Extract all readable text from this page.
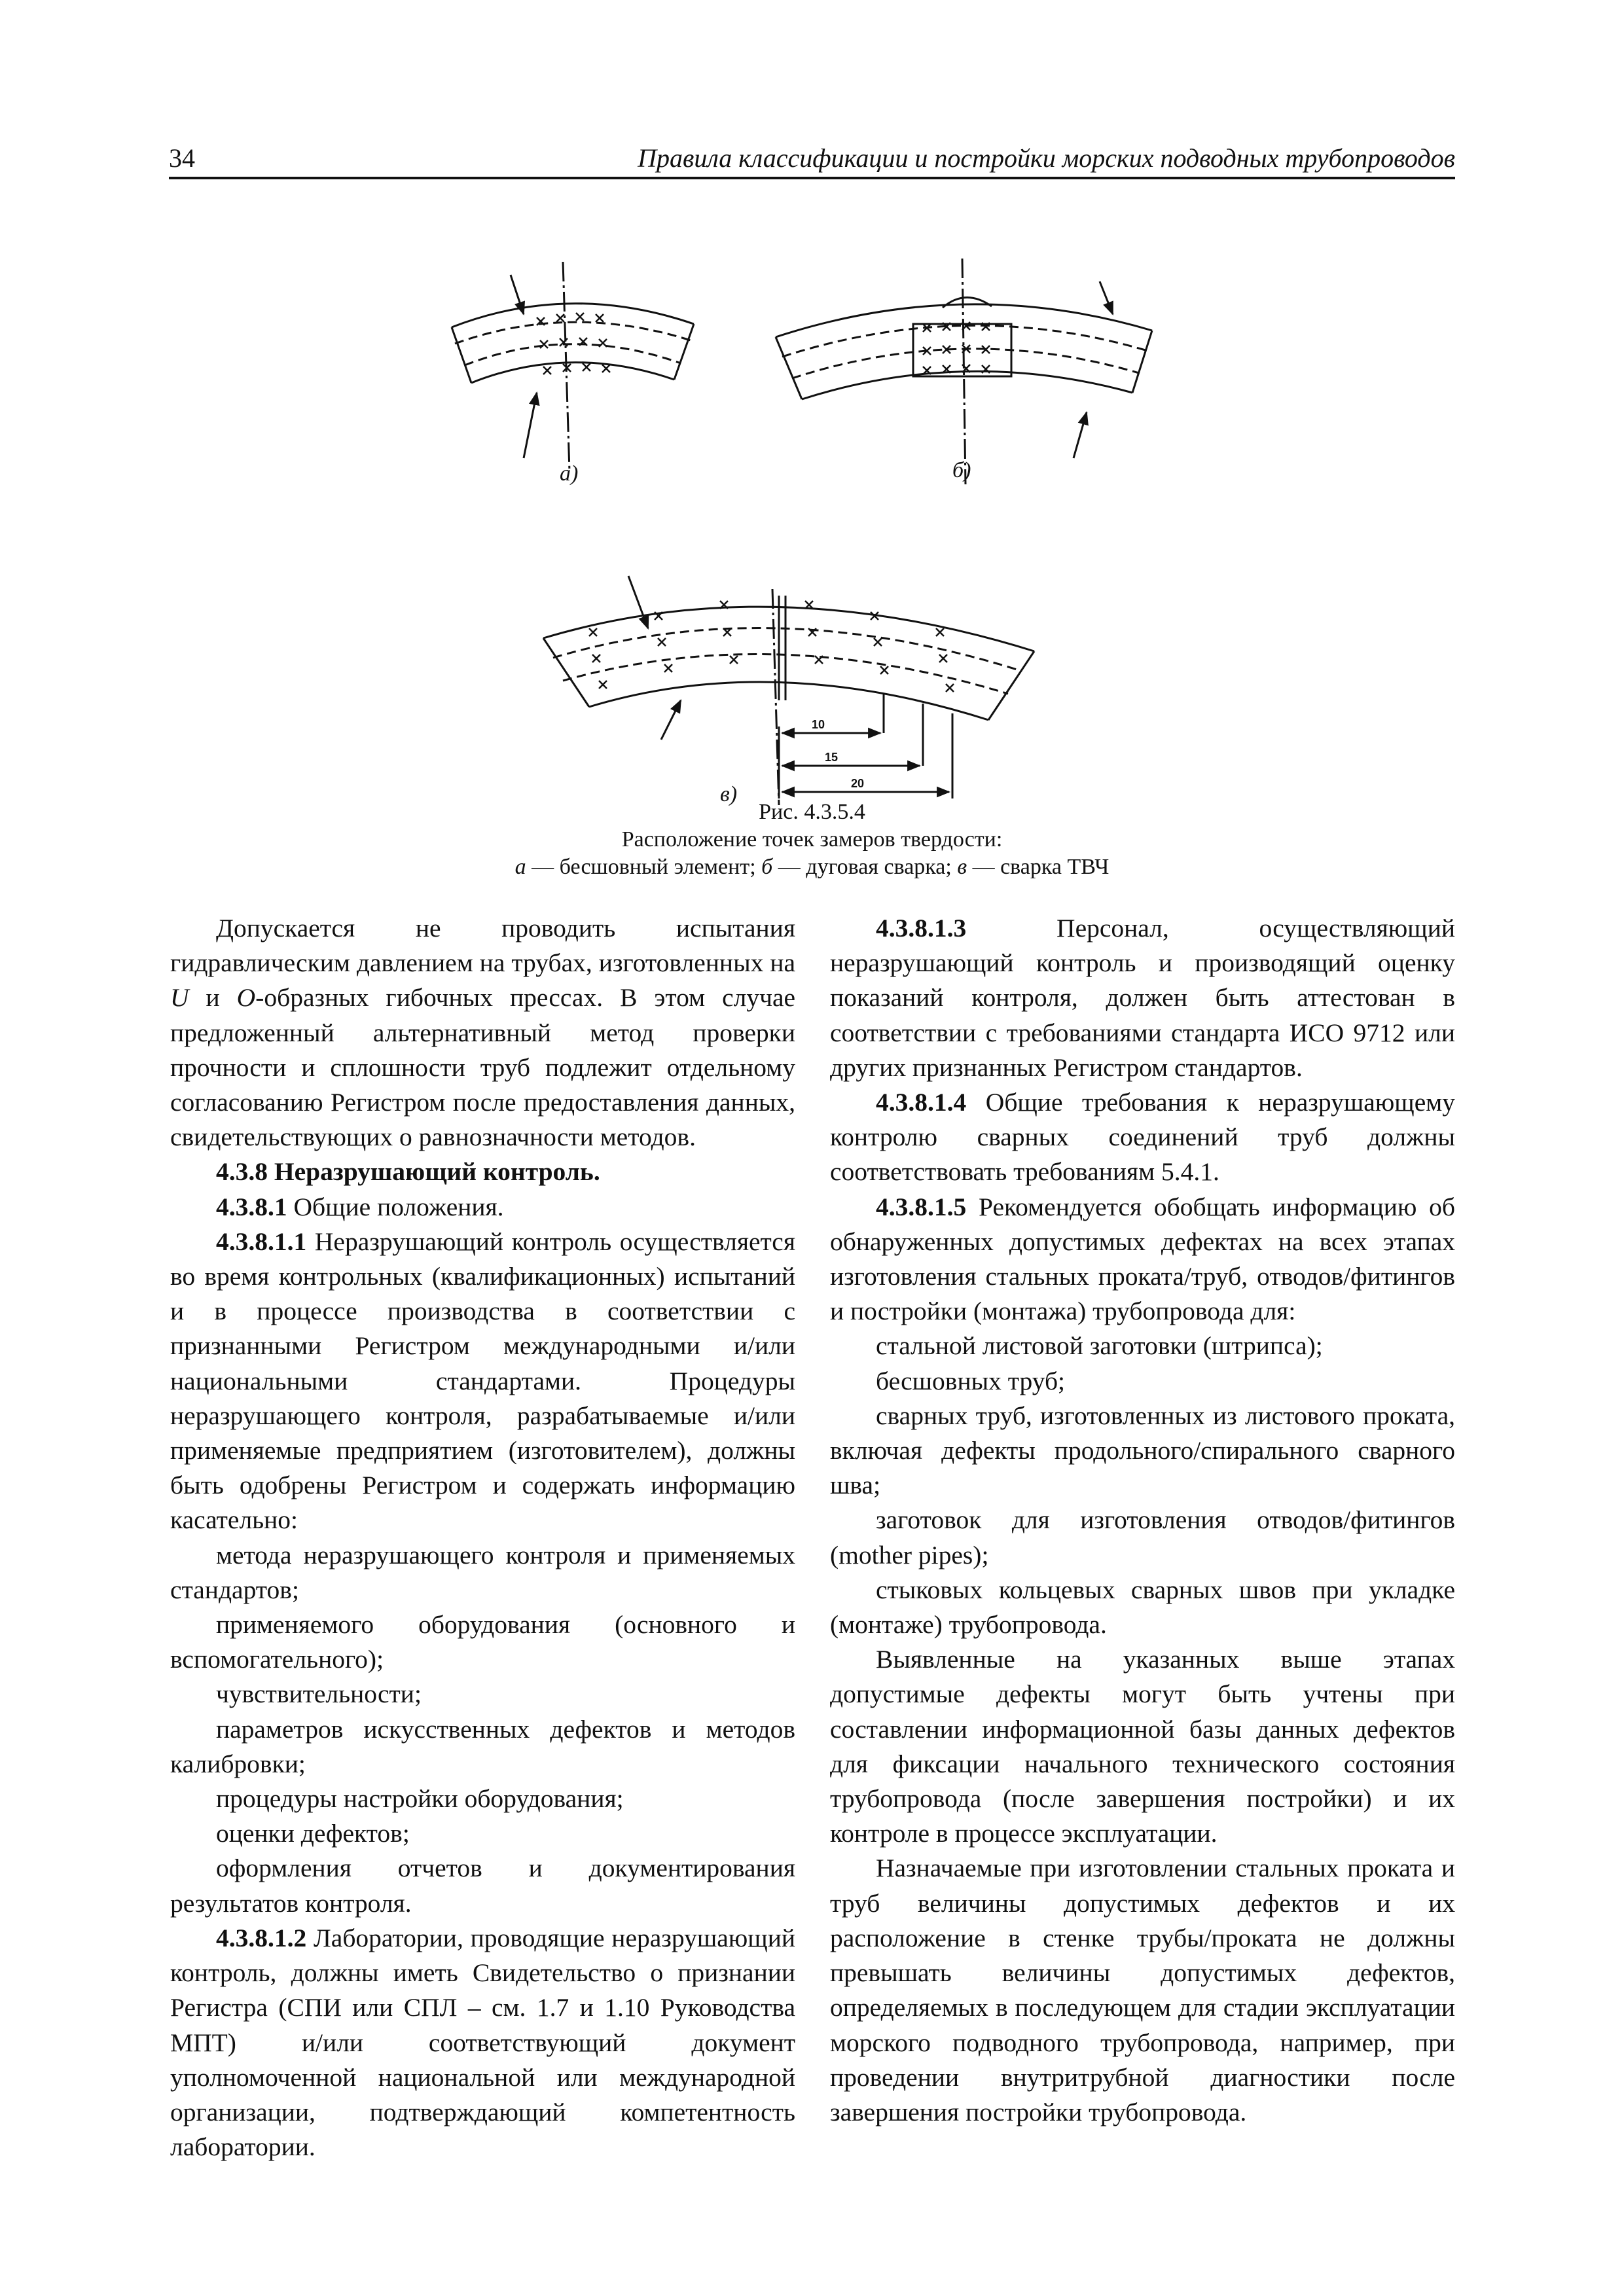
34	Правила классификации и постройки морских подводных трубопроводов
15
20
10
а)	б)
в)
Рис. 4.3.5.4
Расположение точек замеров твердости:
а — бесшовный элемент; б — дуговая сварка; в — сварка ТВЧ

Допускается не проводить испытания гидравлическим давлением на трубах, изготовленных на U и O-образных гибочных прессах. В этом случае предложенный альтернативный метод проверки прочности и сплошности труб подлежит отдельному согласованию Регистром после предоставления данных, свидетельствующих о равнозначности методов.

4.3.8 Неразрушающий контроль.

4.3.8.1 Общие положения.

4.3.8.1.1 Неразрушающий контроль осуществляется во время контрольных (квалификационных) испытаний и в процессе производства в соответствии с признанными Регистром международными и/или национальными стандартами. Процедуры неразрушающего контроля, разрабатываемые и/или применяемые предприятием (изготовителем), должны быть одобрены Регистром и содержать информацию касательно:

метода неразрушающего контроля и применяемых стандартов;

применяемого оборудования (основного и вспомогательного);

чувствительности;

параметров искусственных дефектов и методов калибровки;

процедуры настройки оборудования;

оценки дефектов;

оформления отчетов и документирования результатов контроля.

4.3.8.1.2 Лаборатории, проводящие неразрушающий контроль, должны иметь Свидетельство о признании Регистра (СПИ или СПЛ – см. 1.7 и 1.10 Руководства МПТ) и/или соответствующий документ уполномоченной национальной или международной организации, подтверждающий компетентность лаборатории.

4.3.8.1.3 Персонал, осуществляющий неразрушающий контроль и производящий оценку показаний контроля, должен быть аттестован в соответствии с требованиями стандарта ИСО 9712 или других признанных Регистром стандартов.

4.3.8.1.4 Общие требования к неразрушающему контролю сварных соединений труб должны соответствовать требованиям 5.4.1.

4.3.8.1.5 Рекомендуется обобщать информацию об обнаруженных допустимых дефектах на всех этапах изготовления стальных проката/труб, отводов/фитингов и постройки (монтажа) трубопровода для:

стальной листовой заготовки (штрипса);

бесшовных труб;

сварных труб, изготовленных из листового проката, включая дефекты продольного/спирального сварного шва;

заготовок для изготовления отводов/фитингов (mother pipes);

стыковых кольцевых сварных швов при укладке (монтаже) трубопровода.

Выявленные на указанных выше этапах допустимые дефекты могут быть учтены при составлении информационной базы данных дефектов для фиксации начального технического состояния трубопровода (после завершения постройки) и их контроле в процессе эксплуатации.

Назначаемые при изготовлении стальных проката и труб величины допустимых дефектов и их расположение в стенке трубы/проката не должны превышать величины допустимых дефектов, определяемых в последующем для стадии эксплуатации морского подводного трубопровода, например, при проведении внутритрубной диагностики после завершения постройки трубопровода.
